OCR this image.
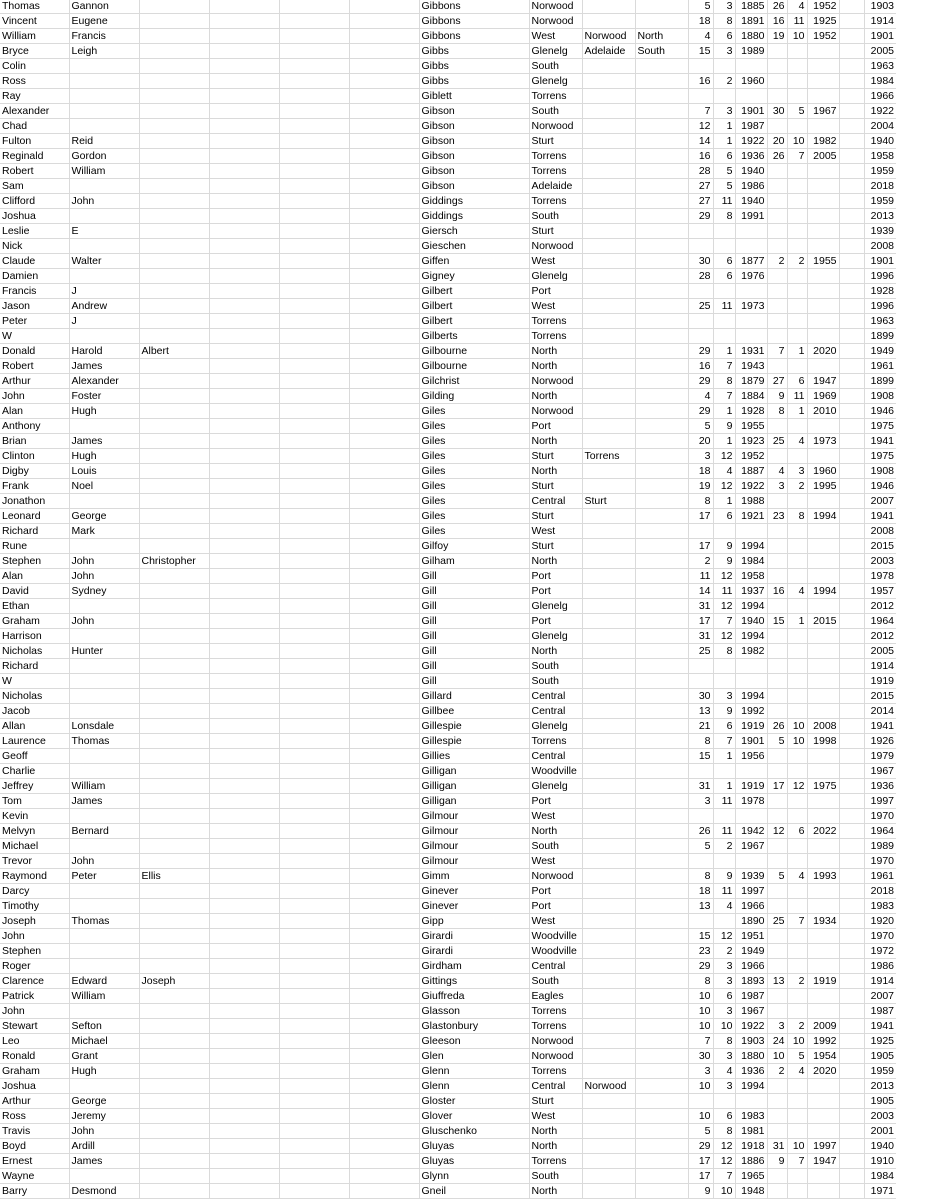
Thomas	Gannon					Gibbons	Norwood			5	3	1885	26	4	1952		1903
Vincent	Eugene					Gibbons	Norwood			18	8	1891	16	11	1925		1914
William	Francis					Gibbons	West	Norwood	North	4	6	1880	19	10	1952		1901
Bryce	Leigh					Gibbs	Glenelg	Adelaide	South	15	3	1989					2005
Colin						Gibbs	South										1963
Ross						Gibbs	Glenelg			16	2	1960					1984
Ray						Giblett	Torrens										1966
Alexander						Gibson	South			7	3	1901	30	5	1967		1922
Chad						Gibson	Norwood			12	1	1987					2004
Fulton	Reid					Gibson	Sturt			14	1	1922	20	10	1982		1940
Reginald	Gordon					Gibson	Torrens			16	6	1936	26	7	2005		1958
Robert	William					Gibson	Torrens			28	5	1940					1959
Sam						Gibson	Adelaide			27	5	1986					2018
Clifford	John					Giddings	Torrens			27	11	1940					1959
Joshua						Giddings	South			29	8	1991					2013
Leslie	E					Giersch	Sturt										1939
Nick						Gieschen	Norwood										2008
Claude	Walter					Giffen	West			30	6	1877	2	2	1955		1901
Damien						Gigney	Glenelg			28	6	1976					1996
Francis	J					Gilbert	Port										1928
Jason	Andrew					Gilbert	West			25	11	1973					1996
Peter	J					Gilbert	Torrens										1963
W						Gilberts	Torrens										1899
Donald	Harold	Albert				Gilbourne	North			29	1	1931	7	1	2020		1949
Robert	James					Gilbourne	North			16	7	1943					1961
Arthur	Alexander					Gilchrist	Norwood			29	8	1879	27	6	1947		1899
John	Foster					Gilding	North			4	7	1884	9	11	1969		1908
Alan	Hugh					Giles	Norwood			29	1	1928	8	1	2010		1946
Anthony						Giles	Port			5	9	1955					1975
Brian	James					Giles	North			20	1	1923	25	4	1973		1941
Clinton	Hugh					Giles	Sturt	Torrens		3	12	1952					1975
Digby	Louis					Giles	North			18	4	1887	4	3	1960		1908
Frank	Noel					Giles	Sturt			19	12	1922	3	2	1995		1946
Jonathon						Giles	Central	Sturt		8	1	1988					2007
Leonard	George					Giles	Sturt			17	6	1921	23	8	1994		1941
Richard	Mark					Giles	West										2008
Rune						Gilfoy	Sturt			17	9	1994					2015
Stephen	John	Christopher				Gilham	North			2	9	1984					2003
Alan	John					Gill	Port			11	12	1958					1978
David	Sydney					Gill	Port			14	11	1937	16	4	1994		1957
Ethan						Gill	Glenelg			31	12	1994					2012
Graham	John					Gill	Port			17	7	1940	15	1	2015		1964
Harrison						Gill	Glenelg			31	12	1994					2012
Nicholas	Hunter					Gill	North			25	8	1982					2005
Richard						Gill	South										1914
W						Gill	South										1919
Nicholas						Gillard	Central			30	3	1994					2015
Jacob						Gillbee	Central			13	9	1992					2014
Allan	Lonsdale					Gillespie	Glenelg			21	6	1919	26	10	2008		1941
Laurence	Thomas					Gillespie	Torrens			8	7	1901	5	10	1998		1926
Geoff						Gillies	Central			15	1	1956					1979
Charlie						Gilligan	Woodville										1967
Jeffrey	William					Gilligan	Glenelg			31	1	1919	17	12	1975		1936
Tom	James					Gilligan	Port			3	11	1978					1997
Kevin						Gilmour	West										1970
Melvyn	Bernard					Gilmour	North			26	11	1942	12	6	2022		1964
Michael						Gilmour	South			5	2	1967					1989
Trevor	John					Gilmour	West										1970
Raymond	Peter	Ellis				Gimm	Norwood			8	9	1939	5	4	1993		1961
Darcy						Ginever	Port			18	11	1997					2018
Timothy						Ginever	Port			13	4	1966					1983
Joseph	Thomas					Gipp	West					1890	25	7	1934		1920
John						Girardi	Woodville			15	12	1951					1970
Stephen						Girardi	Woodville			23	2	1949					1972
Roger						Girdham	Central			29	3	1966					1986
Clarence	Edward	Joseph				Gittings	South			8	3	1893	13	2	1919		1914
Patrick	William					Giuffreda	Eagles			10	6	1987					2007
John						Glasson	Torrens			10	3	1967					1987
Stewart	Sefton					Glastonbury	Torrens			10	10	1922	3	2	2009		1941
Leo	Michael					Gleeson	Norwood			7	8	1903	24	10	1992		1925
Ronald	Grant					Glen	Norwood			30	3	1880	10	5	1954		1905
Graham	Hugh					Glenn	Torrens			3	4	1936	2	4	2020		1959
Joshua						Glenn	Central	Norwood		10	3	1994					2013
Arthur	George					Gloster	Sturt										1905
Ross	Jeremy					Glover	West			10	6	1983					2003
Travis	John					Gluschenko	North			5	8	1981					2001
Boyd	Ardill					Gluyas	North			29	12	1918	31	10	1997		1940
Ernest	James					Gluyas	Torrens			17	12	1886	9	7	1947		1910
Wayne						Glynn	South			17	7	1965					1984
Barry	Desmond					Gneil	North			9	10	1948					1971
